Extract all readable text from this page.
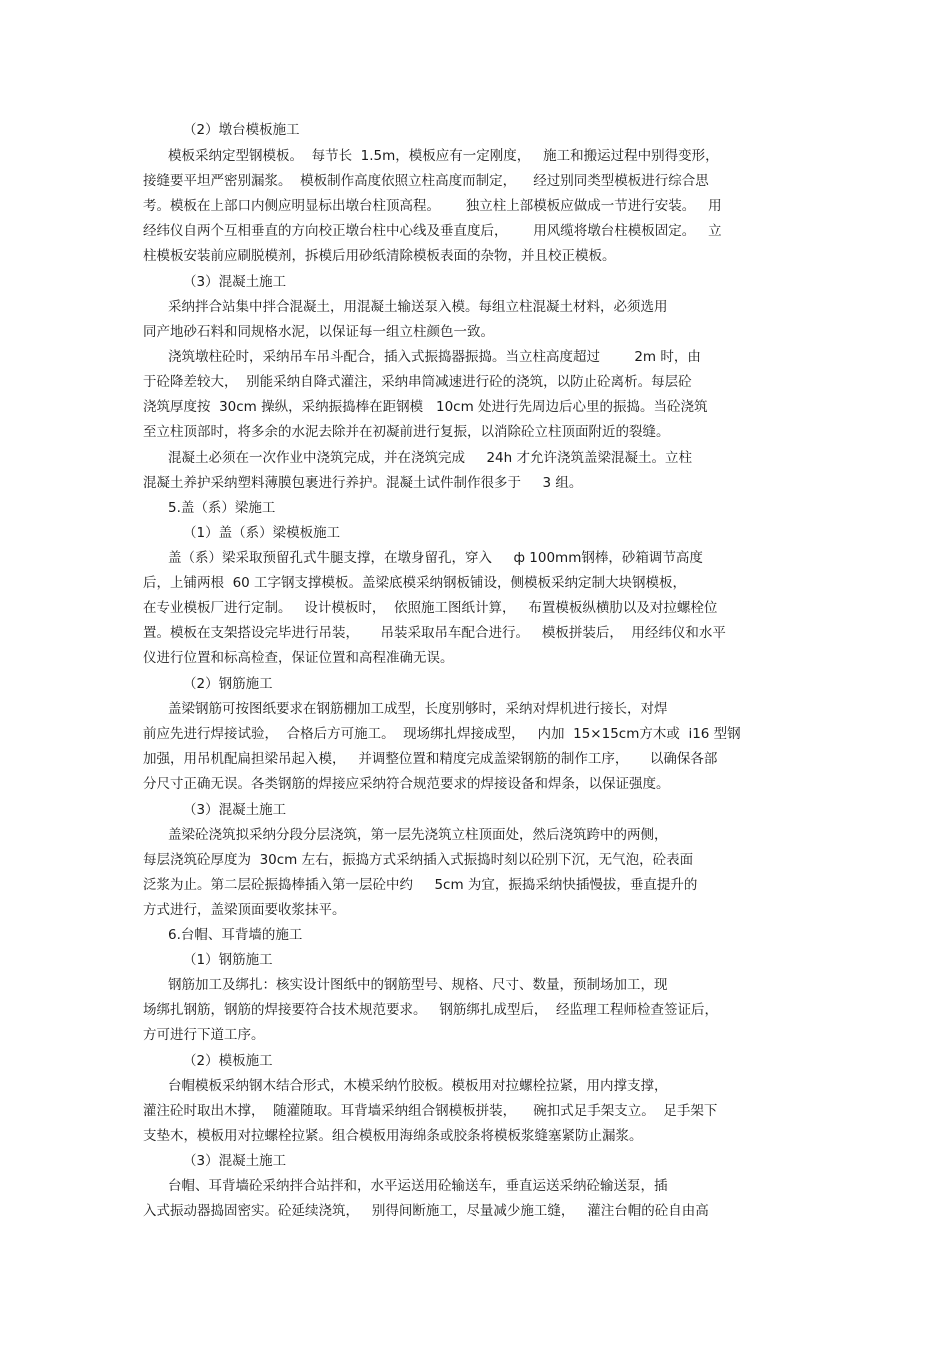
（2）墩台模板施工

模板采纳定型钢模板。  每节长  1.5m，模板应有一定刚度，   施工和搬运过程中别得变形，

接缝要平坦严密别漏浆。  模板制作高度依照立柱高度而制定，    经过别同类型模板进行综合思

考。模板在上部口内侧应明显标出墩台柱顶高程。      独立柱上部模板应做成一节进行安装。   用

经纬仪自两个互相垂直的方向校正墩台柱中心线及垂直度后，      用风缆将墩台柱模板固定。   立

柱模板安装前应刷脱模剂，拆模后用砂纸清除模板表面的杂物，并且校正模板。

（3）混凝土施工

采纳拌合站集中拌合混凝土，用混凝土输送泵入模。每组立柱混凝土材料，必须选用

同产地砂石料和同规格水泥，以保证每一组立柱颜色一致。

浇筑墩柱砼时，采纳吊车吊斗配合，插入式振捣器振捣。当立柱高度超过        2m 时，由

于砼降差较大，  别能采纳自降式灌注，采纳串筒减速进行砼的浇筑，以防止砼离析。每层砼

浇筑厚度按  30cm 操纵，采纳振捣棒在距钢模   10cm 处进行先周边后心里的振捣。当砼浇筑

至立柱顶部时，将多余的水泥去除并在初凝前进行复振，以消除砼立柱顶面附近的裂缝。

混凝土必须在一次作业中浇筑完成，并在浇筑完成     24h 才允许浇筑盖梁混凝土。立柱

混凝土养护采纳塑料薄膜包裹进行养护。混凝土试件制作很多于     3 组。

5.盖（系）梁施工

（1）盖（系）梁模板施工

盖（系）梁采取预留孔式牛腿支撑，在墩身留孔，穿入     ф 100mm钢棒，砂箱调节高度

后，上铺两根  60 工字钢支撑模板。盖梁底模采纳钢板铺设，侧模板采纳定制大块钢模板，

在专业模板厂进行定制。   设计模板时，  依照施工图纸计算，   布置模板纵横肋以及对拉螺栓位

置。模板在支架搭设完毕进行吊装，     吊装采取吊车配合进行。   模板拼装后，  用经纬仪和水平

仪进行位置和标高检查，保证位置和高程准确无误。

（2）钢筋施工

盖梁钢筋可按图纸要求在钢筋棚加工成型，长度别够时，采纳对焊机进行接长，对焊

前应先进行焊接试验，  合格后方可施工。  现场绑扎焊接成型，   内加  15×15cm方木或  i16 型钢

加强，用吊机配扁担梁吊起入模，   并调整位置和精度完成盖梁钢筋的制作工序，     以确保各部

分尺寸正确无误。各类钢筋的焊接应采纳符合规范要求的焊接设备和焊条，以保证强度。

（3）混凝土施工

盖梁砼浇筑拟采纳分段分层浇筑，第一层先浇筑立柱顶面处，然后浇筑跨中的两侧，

每层浇筑砼厚度为  30cm 左右，振捣方式采纳插入式振捣时刻以砼别下沉，无气泡，砼表面

泛浆为止。第二层砼振捣棒插入第一层砼中约     5cm 为宜，振捣采纳快插慢拔，垂直提升的

方式进行，盖梁顶面要收浆抹平。

6.台帽、耳背墙的施工

（1）钢筋施工

钢筋加工及绑扎：核实设计图纸中的钢筋型号、规格、尺寸、数量，预制场加工，现

场绑扎钢筋，钢筋的焊接要符合技术规范要求。   钢筋绑扎成型后，  经监理工程师检查签证后，

方可进行下道工序。

（2）模板施工

台帽模板采纳钢木结合形式，木模采纳竹胶板。模板用对拉螺栓拉紧，用内撑支撑，

灌注砼时取出木撑，  随灌随取。耳背墙采纳组合钢模板拼装，    碗扣式足手架支立。  足手架下

支垫木，模板用对拉螺栓拉紧。组合模板用海绵条或胶条将模板浆缝塞紧防止漏浆。

（3）混凝土施工

台帽、耳背墙砼采纳拌合站拌和，水平运送用砼输送车，垂直运送采纳砼输送泵，插

入式振动器捣固密实。砼延续浇筑，   别得间断施工，尽量减少施工缝，   灌注台帽的砼自由高
